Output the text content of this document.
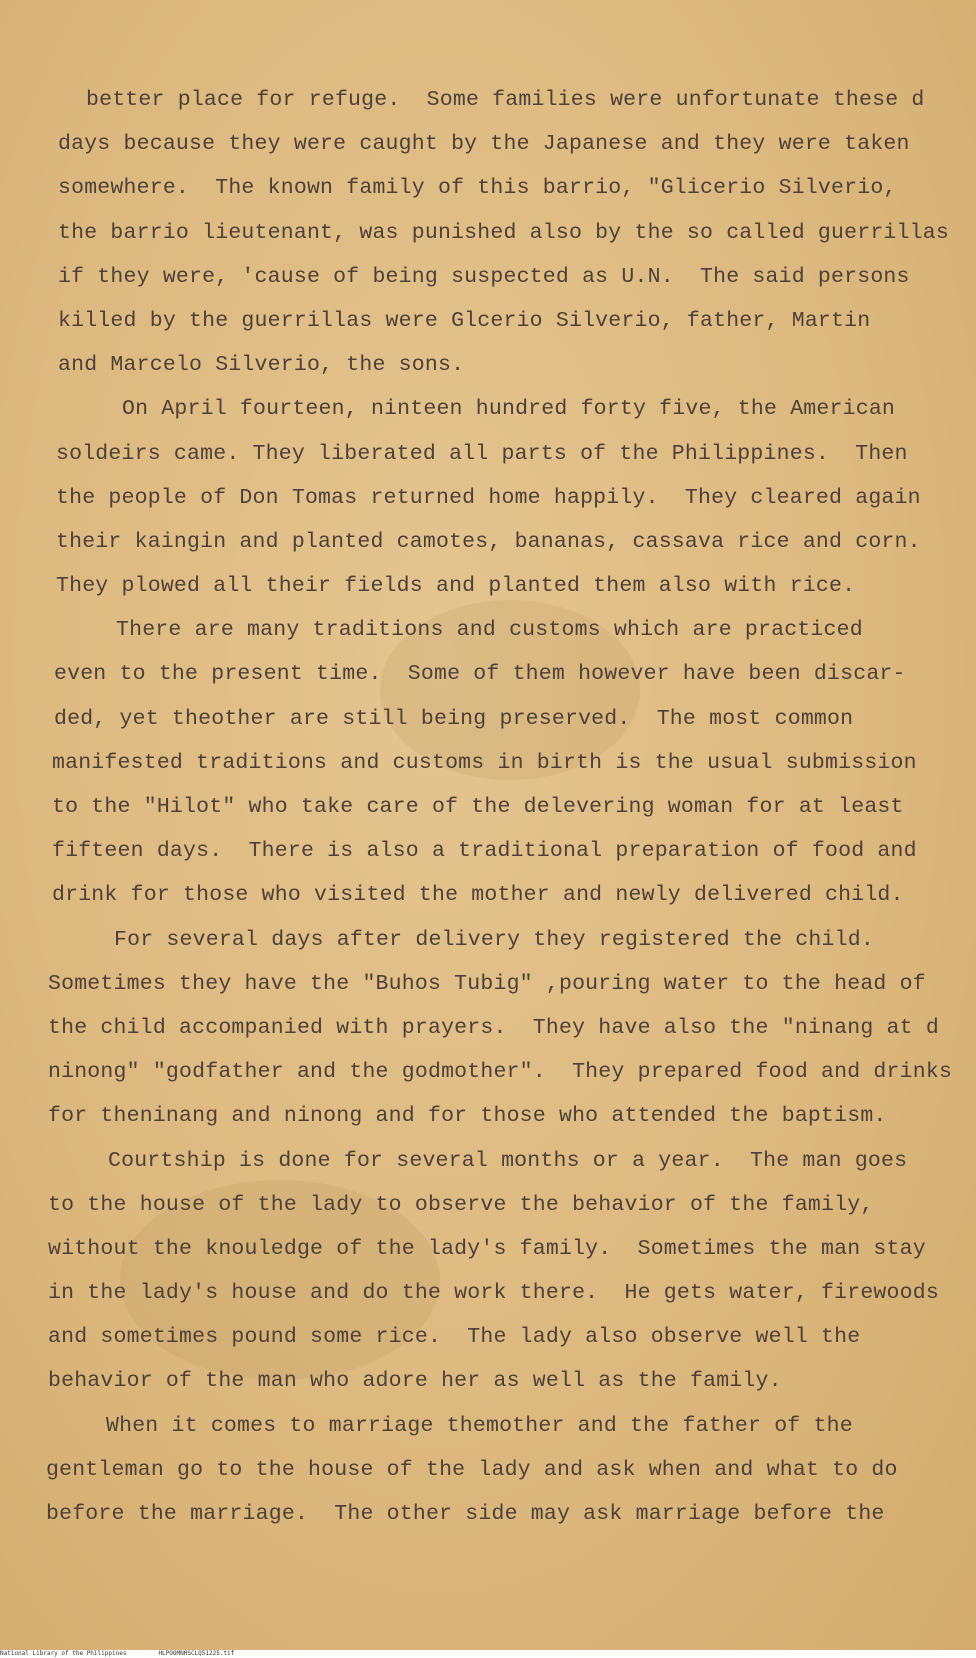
better place for refuge.  Some families were unfortunate these d
days because they were caught by the Japanese and they were taken
somewhere.  The known family of this barrio, "Glicerio Silverio,
the barrio lieutenant, was punished also by the so called guerrillas
if they were, 'cause of being suspected as U.N.  The said persons
killed by the guerrillas were Glcerio Silverio, father, Martin
and Marcelo Silverio, the sons.
On April fourteen, ninteen hundred forty five, the American
soldeirs came. They liberated all parts of the Philippines.  Then
the people of Don Tomas returned home happily.  They cleared again
their kaingin and planted camotes, bananas, cassava rice and corn.
They plowed all their fields and planted them also with rice.
There are many traditions and customs which are practiced
even to the present time.  Some of them however have been discar-
ded, yet theother are still being preserved.  The most common
manifested traditions and customs in birth is the usual submission
to the "Hilot" who take care of the delevering woman for at least
fifteen days.  There is also a traditional preparation of food and
drink for those who visited the mother and newly delivered child.
For several days after delivery they registered the child.
Sometimes they have the "Buhos Tubig" ,pouring water to the head of
the child accompanied with prayers.  They have also the "ninang at d
ninong" "godfather and the godmother".  They prepared food and drinks
for theninang and ninong and for those who attended the baptism.
Courtship is done for several months or a year.  The man goes
to the house of the lady to observe the behavior of the family,
without the knouledge of the lady's family.  Sometimes the man stay
in the lady's house and do the work there.  He gets water, firewoods
and sometimes pound some rice.  The lady also observe well the
behavior of the man who adore her as well as the family.
When it comes to marriage themother and the father of the
gentleman go to the house of the lady and ask when and what to do
before the marriage.  The other side may ask marriage before the
National Library of the Philippines	HLPOOMNHSCLQ51225.tif
